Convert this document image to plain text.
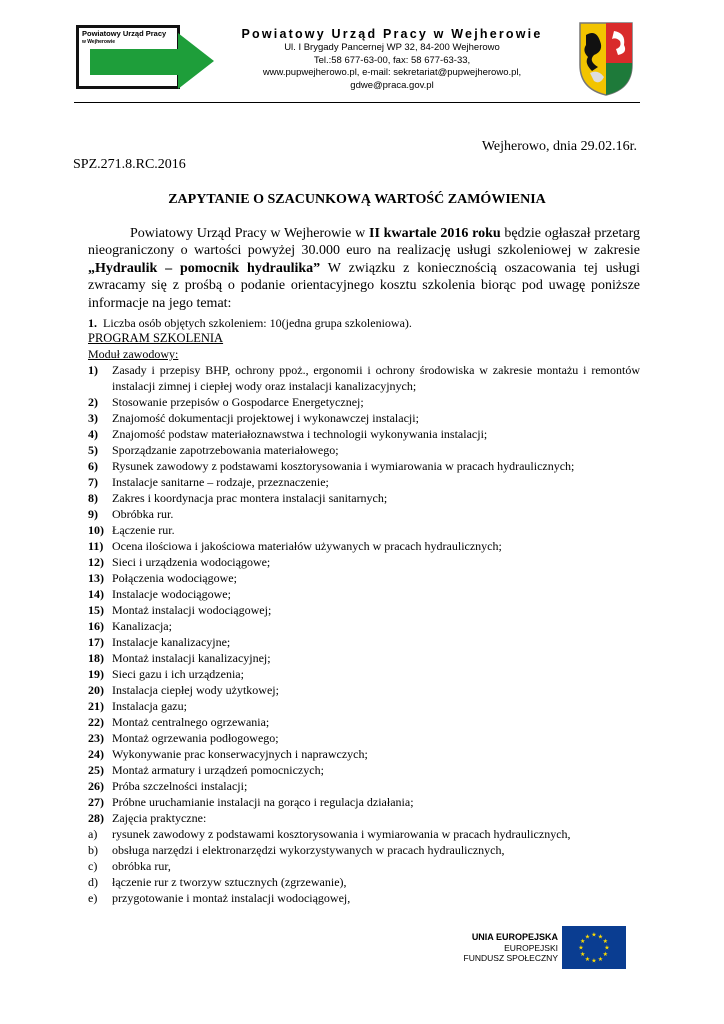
Powiatowy Urząd Pracy
w Wejherowie
Powiatowy Urząd Pracy w Wejherowie
Ul. I Brygady Pancernej WP 32, 84-200 Wejherowo
Tel.:58 677-63-00, fax: 58 677-63-33,
www.pupwejherowo.pl, e-mail: sekretariat@pupwejherowo.pl,
gdwe@praca.gov.pl
Wejherowo, dnia 29.02.16r.
SPZ.271.8.RC.2016
ZAPYTANIE O SZACUNKOWĄ WARTOŚĆ ZAMÓWIENIA

Powiatowy Urząd Pracy w Wejherowie w II kwartale 2016 roku będzie ogłaszał przetarg nieograniczony o wartości powyżej 30.000 euro na realizację usługi szkoleniowej w zakresie „Hydraulik – pomocnik hydraulika” W związku z koniecznością oszacowania tej usługi zwracamy się z prośbą o podanie orientacyjnego kosztu szkolenia biorąc pod uwagę poniższe informacje na jego temat:

1. Liczba osób objętych szkoleniem: 10(jedna grupa szkoleniowa).
PROGRAM SZKOLENIA
Moduł zawodowy:
1) Zasady i przepisy BHP, ochrony ppoż., ergonomii i ochrony środowiska w zakresie montażu i remontów instalacji zimnej i ciepłej wody oraz instalacji kanalizacyjnych;
2) Stosowanie przepisów o Gospodarce Energetycznej;
3) Znajomość dokumentacji projektowej i wykonawczej instalacji;
4) Znajomość podstaw materiałoznawstwa i technologii wykonywania instalacji;
5) Sporządzanie zapotrzebowania materiałowego;
6) Rysunek zawodowy z podstawami kosztorysowania i wymiarowania w pracach hydraulicznych;
7) Instalacje sanitarne – rodzaje, przeznaczenie;
8) Zakres i koordynacja prac montera instalacji sanitarnych;
9) Obróbka rur.
10) Łączenie rur.
11) Ocena ilościowa i jakościowa materiałów używanych w pracach hydraulicznych;
12) Sieci i urządzenia wodociągowe;
13) Połączenia wodociągowe;
14) Instalacje wodociągowe;
15) Montaż instalacji wodociągowej;
16) Kanalizacja;
17) Instalacje kanalizacyjne;
18) Montaż instalacji kanalizacyjnej;
19) Sieci gazu i ich urządzenia;
20) Instalacja ciepłej wody użytkowej;
21) Instalacja gazu;
22) Montaż centralnego ogrzewania;
23) Montaż ogrzewania podłogowego;
24) Wykonywanie prac konserwacyjnych i naprawczych;
25) Montaż armatury i urządzeń pomocniczych;
26) Próba szczelności instalacji;
27) Próbne uruchamianie instalacji na gorąco i regulacja działania;
28) Zajęcia praktyczne:
a) rysunek zawodowy z podstawami kosztorysowania i wymiarowania w pracach hydraulicznych,
b) obsługa narzędzi i elektronarzędzi wykorzystywanych w pracach hydraulicznych,
c) obróbka rur,
d) łączenie rur z tworzyw sztucznych (zgrzewanie),
e) przygotowanie i montaż instalacji wodociągowej,
UNIA EUROPEJSKA
EUROPEJSKI
FUNDUSZ SPOŁECZNY
★ ★
★
★
★
★
★
★
★
★
★
★
